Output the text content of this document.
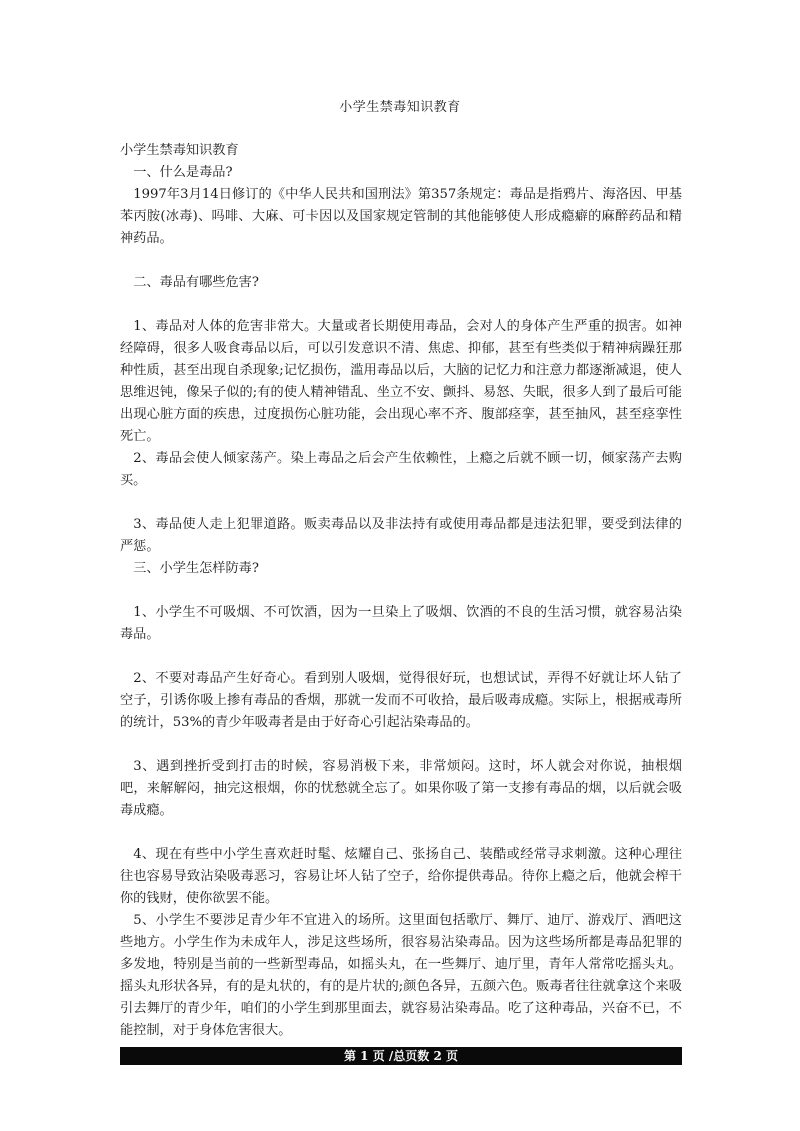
小学生禁毒知识教育

小学生禁毒知识教育

一、什么是毒品?

1997年3月14日修订的《中华人民共和国刑法》第357条规定：毒品是指鸦片、海洛因、甲基苯丙胺(冰毒)、吗啡、大麻、可卡因以及国家规定管制的其他能够使人形成瘾癖的麻醉药品和精神药品。

二、毒品有哪些危害?

1、毒品对人体的危害非常大。大量或者长期使用毒品，会对人的身体产生严重的损害。如神经障碍，很多人吸食毒品以后，可以引发意识不清、焦虑、抑郁，甚至有些类似于精神病躁狂那种性质，甚至出现自杀现象;记忆损伤，滥用毒品以后，大脑的记忆力和注意力都逐渐减退，使人思维迟钝，像呆子似的;有的使人精神错乱、坐立不安、颤抖、易怒、失眠，很多人到了最后可能出现心脏方面的疾患，过度损伤心脏功能，会出现心率不齐、腹部痉挛，甚至抽风，甚至痉挛性死亡。

2、毒品会使人倾家荡产。染上毒品之后会产生依赖性，上瘾之后就不顾一切，倾家荡产去购买。

3、毒品使人走上犯罪道路。贩卖毒品以及非法持有或使用毒品都是违法犯罪，要受到法律的严惩。

三、小学生怎样防毒?

1、小学生不可吸烟、不可饮酒，因为一旦染上了吸烟、饮酒的不良的生活习惯，就容易沾染毒品。

2、不要对毒品产生好奇心。看到别人吸烟，觉得很好玩，也想试试，弄得不好就让坏人钻了空子，引诱你吸上掺有毒品的香烟，那就一发而不可收拾，最后吸毒成瘾。实际上，根据戒毒所的统计，53%的青少年吸毒者是由于好奇心引起沾染毒品的。

3、遇到挫折受到打击的时候，容易消极下来，非常烦闷。这时，坏人就会对你说，抽根烟吧，来解解闷，抽完这根烟，你的忧愁就全忘了。如果你吸了第一支掺有毒品的烟，以后就会吸毒成瘾。

4、现在有些中小学生喜欢赶时髦、炫耀自己、张扬自己、装酷或经常寻求刺激。这种心理往往也容易导致沾染吸毒恶习，容易让坏人钻了空子，给你提供毒品。待你上瘾之后，他就会榨干你的钱财，使你欲罢不能。

5、小学生不要涉足青少年不宜进入的场所。这里面包括歌厅、舞厅、迪厅、游戏厅、酒吧这些地方。小学生作为未成年人，涉足这些场所，很容易沾染毒品。因为这些场所都是毒品犯罪的多发地，特别是当前的一些新型毒品，如摇头丸，在一些舞厅、迪厅里，青年人常常吃摇头丸。摇头丸形状各异，有的是丸状的，有的是片状的;颜色各异，五颜六色。贩毒者往往就拿这个来吸引去舞厅的青少年，咱们的小学生到那里面去，就容易沾染毒品。吃了这种毒品，兴奋不已，不能控制，对于身体危害很大。

第 1 页 /总页数 2 页
